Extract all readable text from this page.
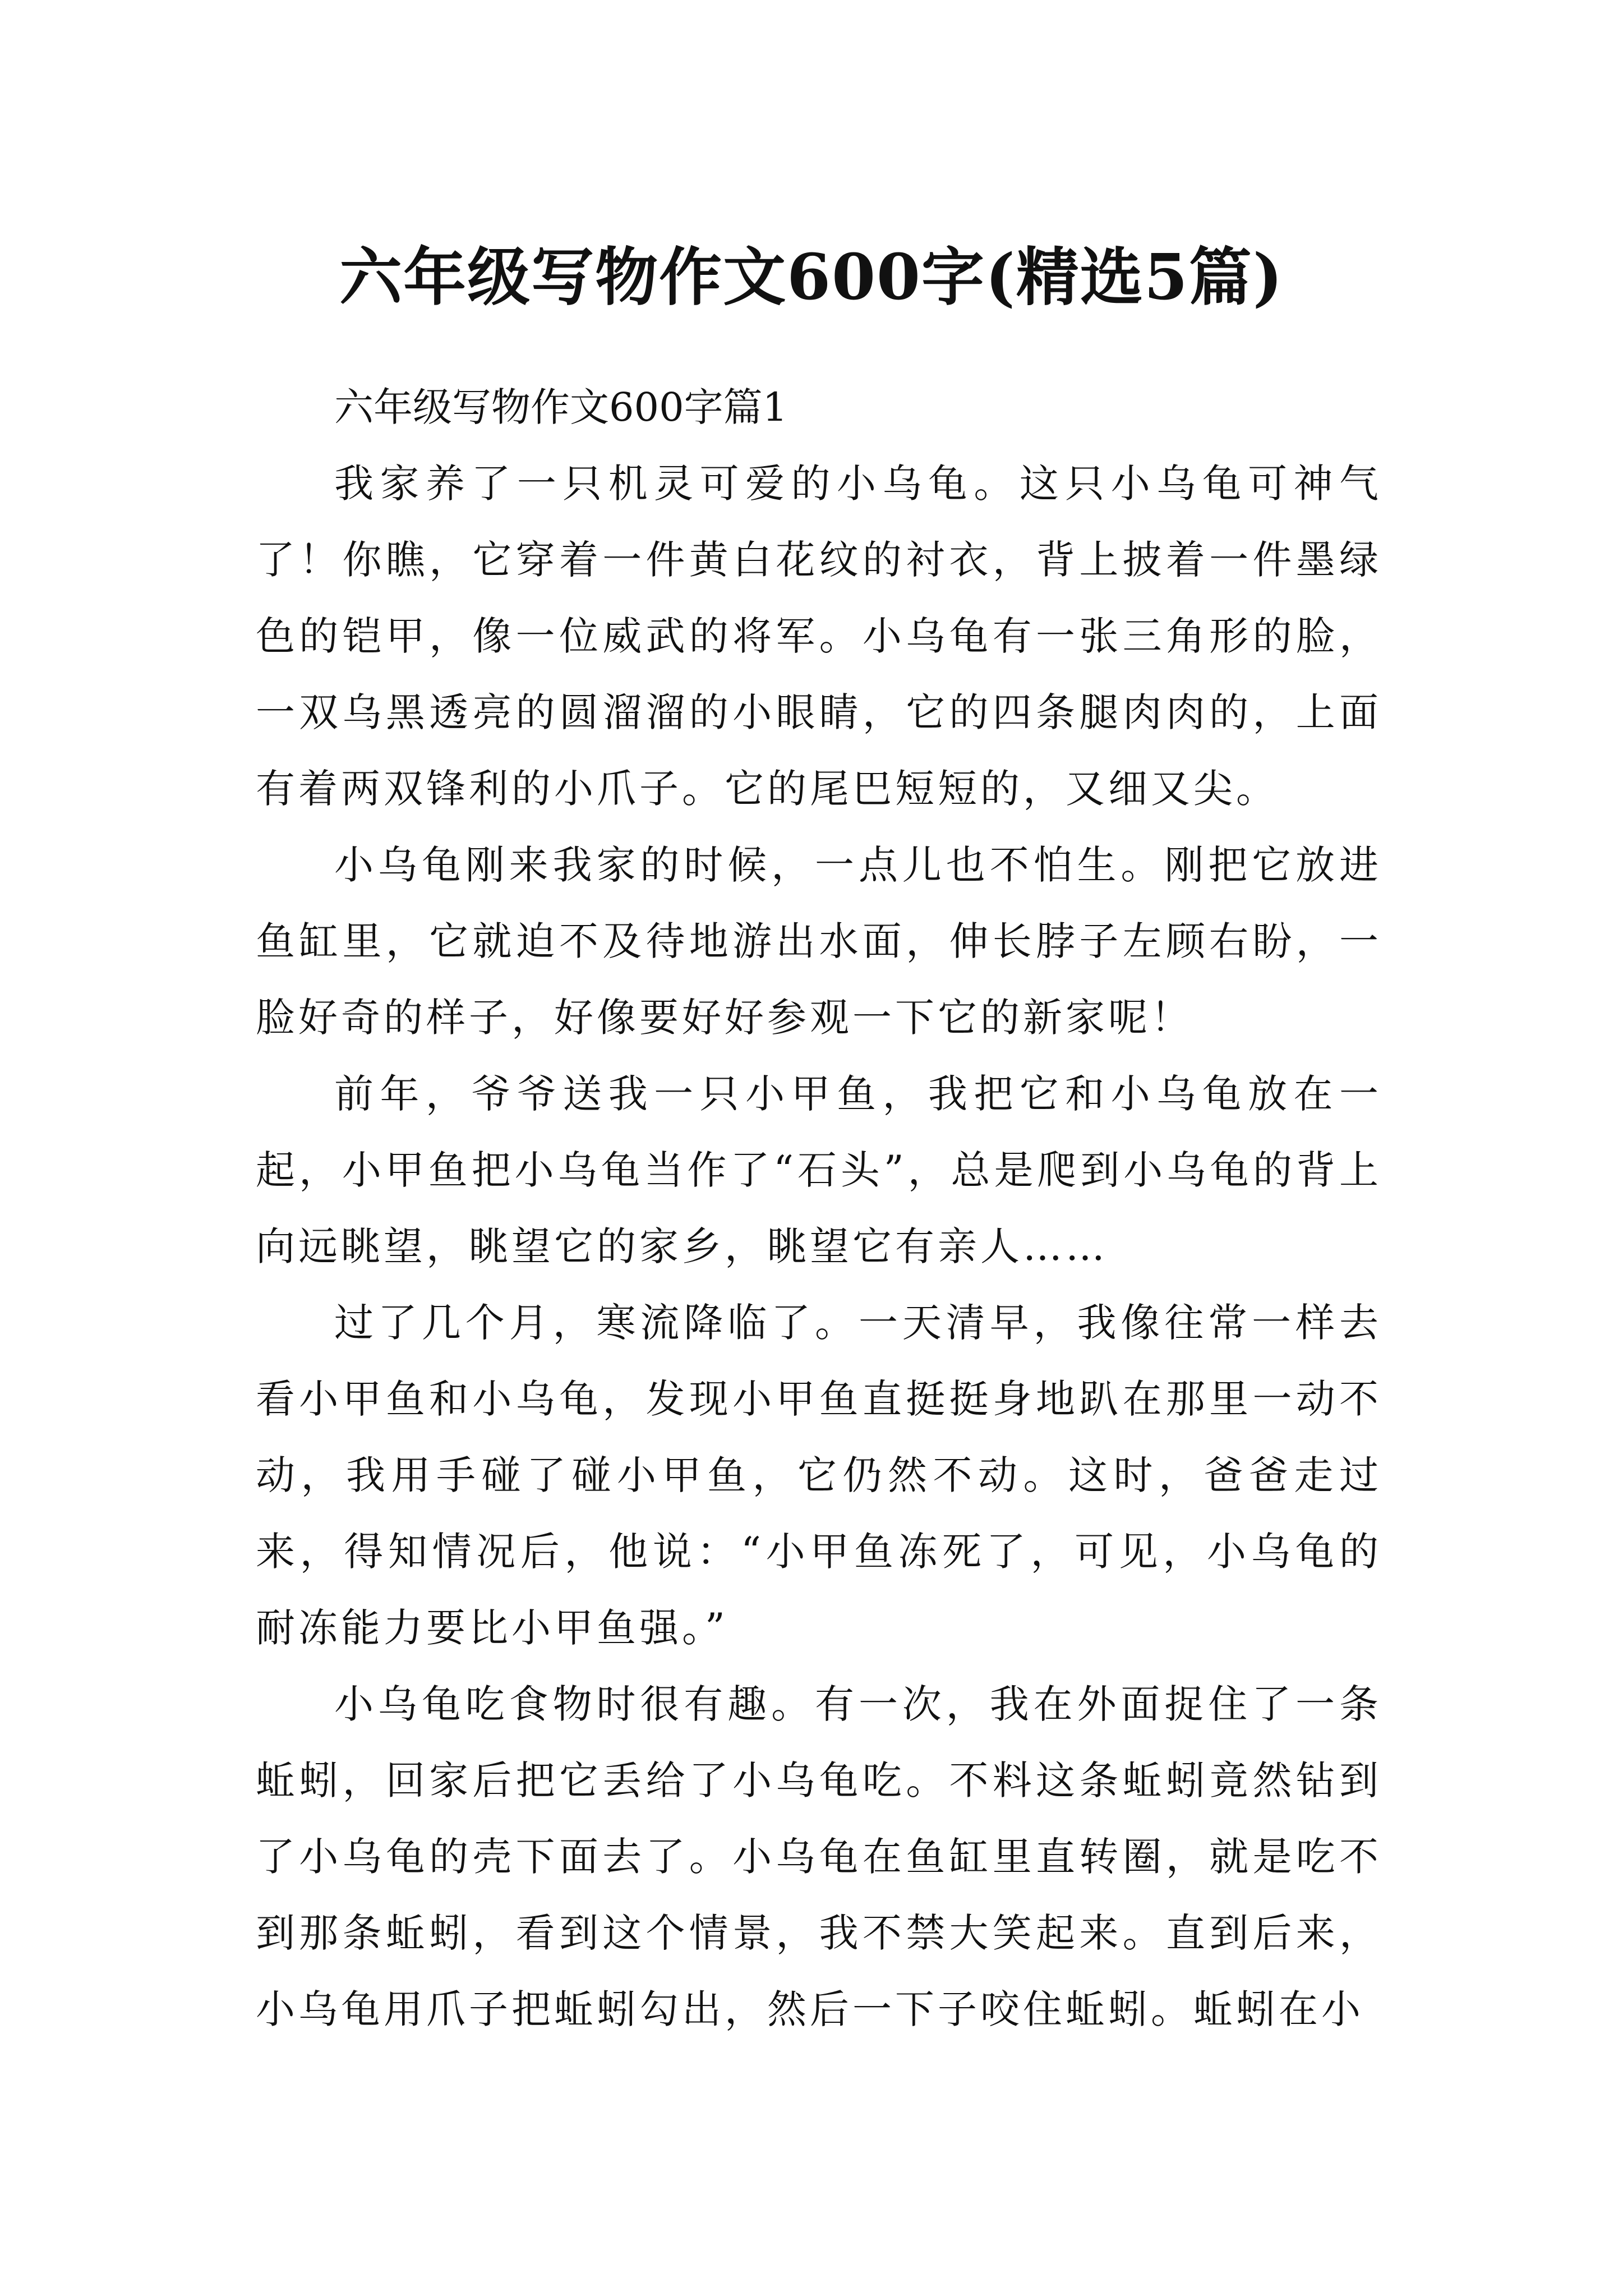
六年级写物作文600字(精选5篇)
六年级写物作文600字篇1

我家养了一只机灵可爱的小乌龟。这只小乌龟可神气了！你瞧，它穿着一件黄白花纹的衬衣，背上披着一件墨绿色的铠甲，像一位威武的将军。小乌龟有一张三角形的脸，一双乌黑透亮的圆溜溜的小眼睛，它的四条腿肉肉的，上面有着两双锋利的小爪子。它的尾巴短短的，又细又尖。

小乌龟刚来我家的时候，一点儿也不怕生。刚把它放进鱼缸里，它就迫不及待地游出水面，伸长脖子左顾右盼，一脸好奇的样子，好像要好好参观一下它的新家呢！

前年，爷爷送我一只小甲鱼，我把它和小乌龟放在一起，小甲鱼把小乌龟当作了“石头”，总是爬到小乌龟的背上向远眺望，眺望它的家乡，眺望它有亲人……

过了几个月，寒流降临了。一天清早，我像往常一样去看小甲鱼和小乌龟，发现小甲鱼直挺挺身地趴在那里一动不动，我用手碰了碰小甲鱼，它仍然不动。这时，爸爸走过来，得知情况后，他说：“小甲鱼冻死了，可见，小乌龟的耐冻能力要比小甲鱼强。”

小乌龟吃食物时很有趣。有一次，我在外面捉住了一条蚯蚓，回家后把它丢给了小乌龟吃。不料这条蚯蚓竟然钻到了小乌龟的壳下面去了。小乌龟在鱼缸里直转圈，就是吃不到那条蚯蚓，看到这个情景，我不禁大笑起来。直到后来，小乌龟用爪子把蚯蚓勾出，然后一下子咬住蚯蚓。蚯蚓在小
